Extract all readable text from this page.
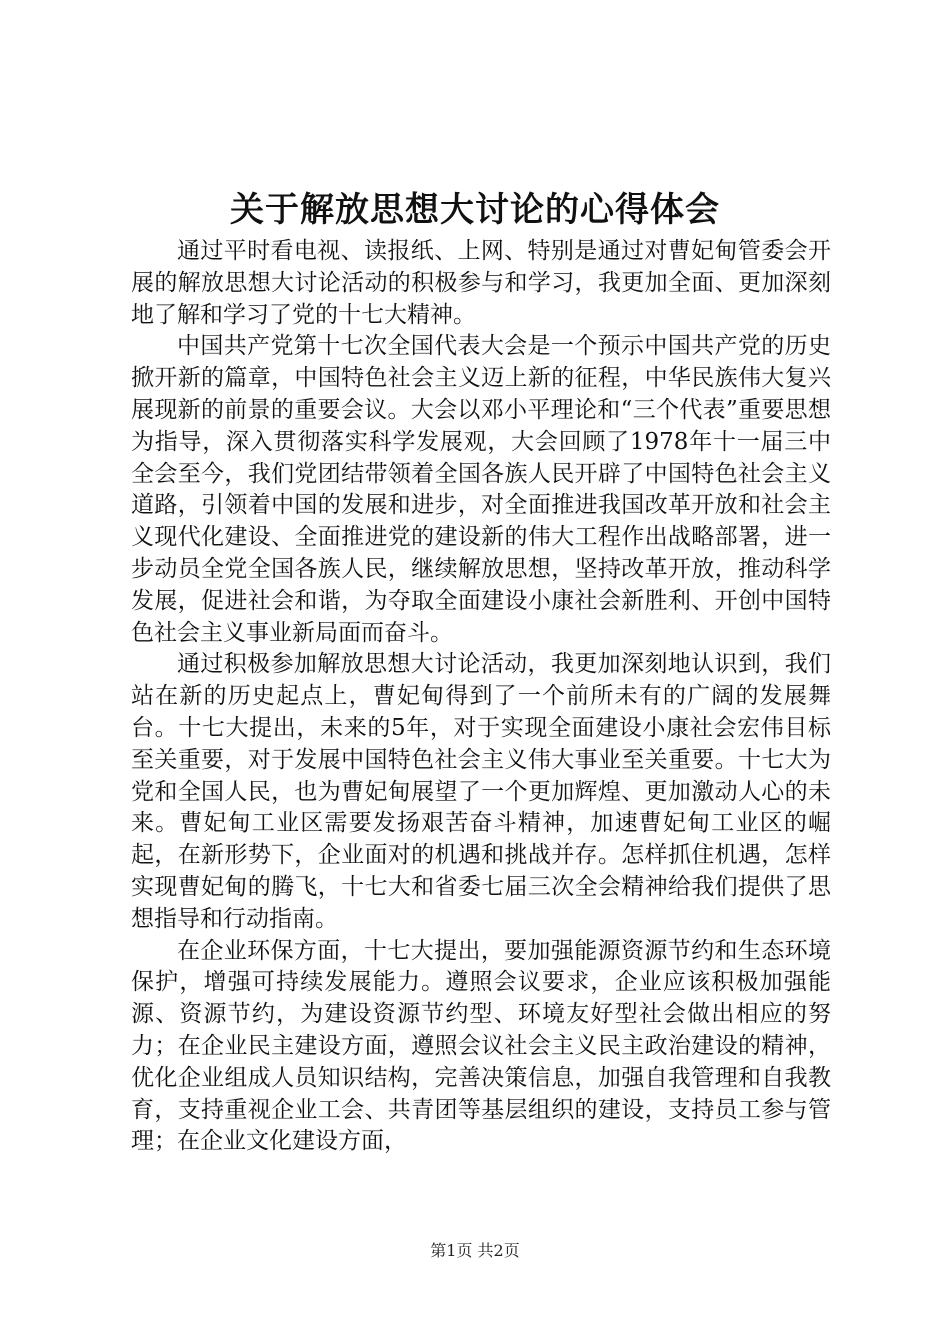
关于解放思想大讨论的心得体会

通过平时看电视、读报纸、上网、特别是通过对曹妃甸管委会开展的解放思想大讨论活动的积极参与和学习，我更加全面、更加深刻地了解和学习了党的十七大精神。

中国共产党第十七次全国代表大会是一个预示中国共产党的历史掀开新的篇章，中国特色社会主义迈上新的征程，中华民族伟大复兴展现新的前景的重要会议。大会以邓小平理论和“三个代表”重要思想为指导，深入贯彻落实科学发展观，大会回顾了1978年十一届三中全会至今，我们党团结带领着全国各族人民开辟了中国特色社会主义道路，引领着中国的发展和进步，对全面推进我国改革开放和社会主义现代化建设、全面推进党的建设新的伟大工程作出战略部署，进一步动员全党全国各族人民，继续解放思想，坚持改革开放，推动科学发展，促进社会和谐，为夺取全面建设小康社会新胜利、开创中国特色社会主义事业新局面而奋斗。

通过积极参加解放思想大讨论活动，我更加深刻地认识到，我们站在新的历史起点上，曹妃甸得到了一个前所未有的广阔的发展舞台。十七大提出，未来的5年，对于实现全面建设小康社会宏伟目标至关重要，对于发展中国特色社会主义伟大事业至关重要。十七大为党和全国人民，也为曹妃甸展望了一个更加辉煌、更加激动人心的未来。曹妃甸工业区需要发扬艰苦奋斗精神，加速曹妃甸工业区的崛起，在新形势下，企业面对的机遇和挑战并存。怎样抓住机遇，怎样实现曹妃甸的腾飞，十七大和省委七届三次全会精神给我们提供了思想指导和行动指南。

在企业环保方面，十七大提出，要加强能源资源节约和生态环境保护，增强可持续发展能力。遵照会议要求，企业应该积极加强能源、资源节约，为建设资源节约型、环境友好型社会做出相应的努力；在企业民主建设方面，遵照会议社会主义民主政治建设的精神，优化企业组成人员知识结构，完善决策信息，加强自我管理和自我教育，支持重视企业工会、共青团等基层组织的建设，支持员工参与管理；在企业文化建设方面，

第1页 共2页
